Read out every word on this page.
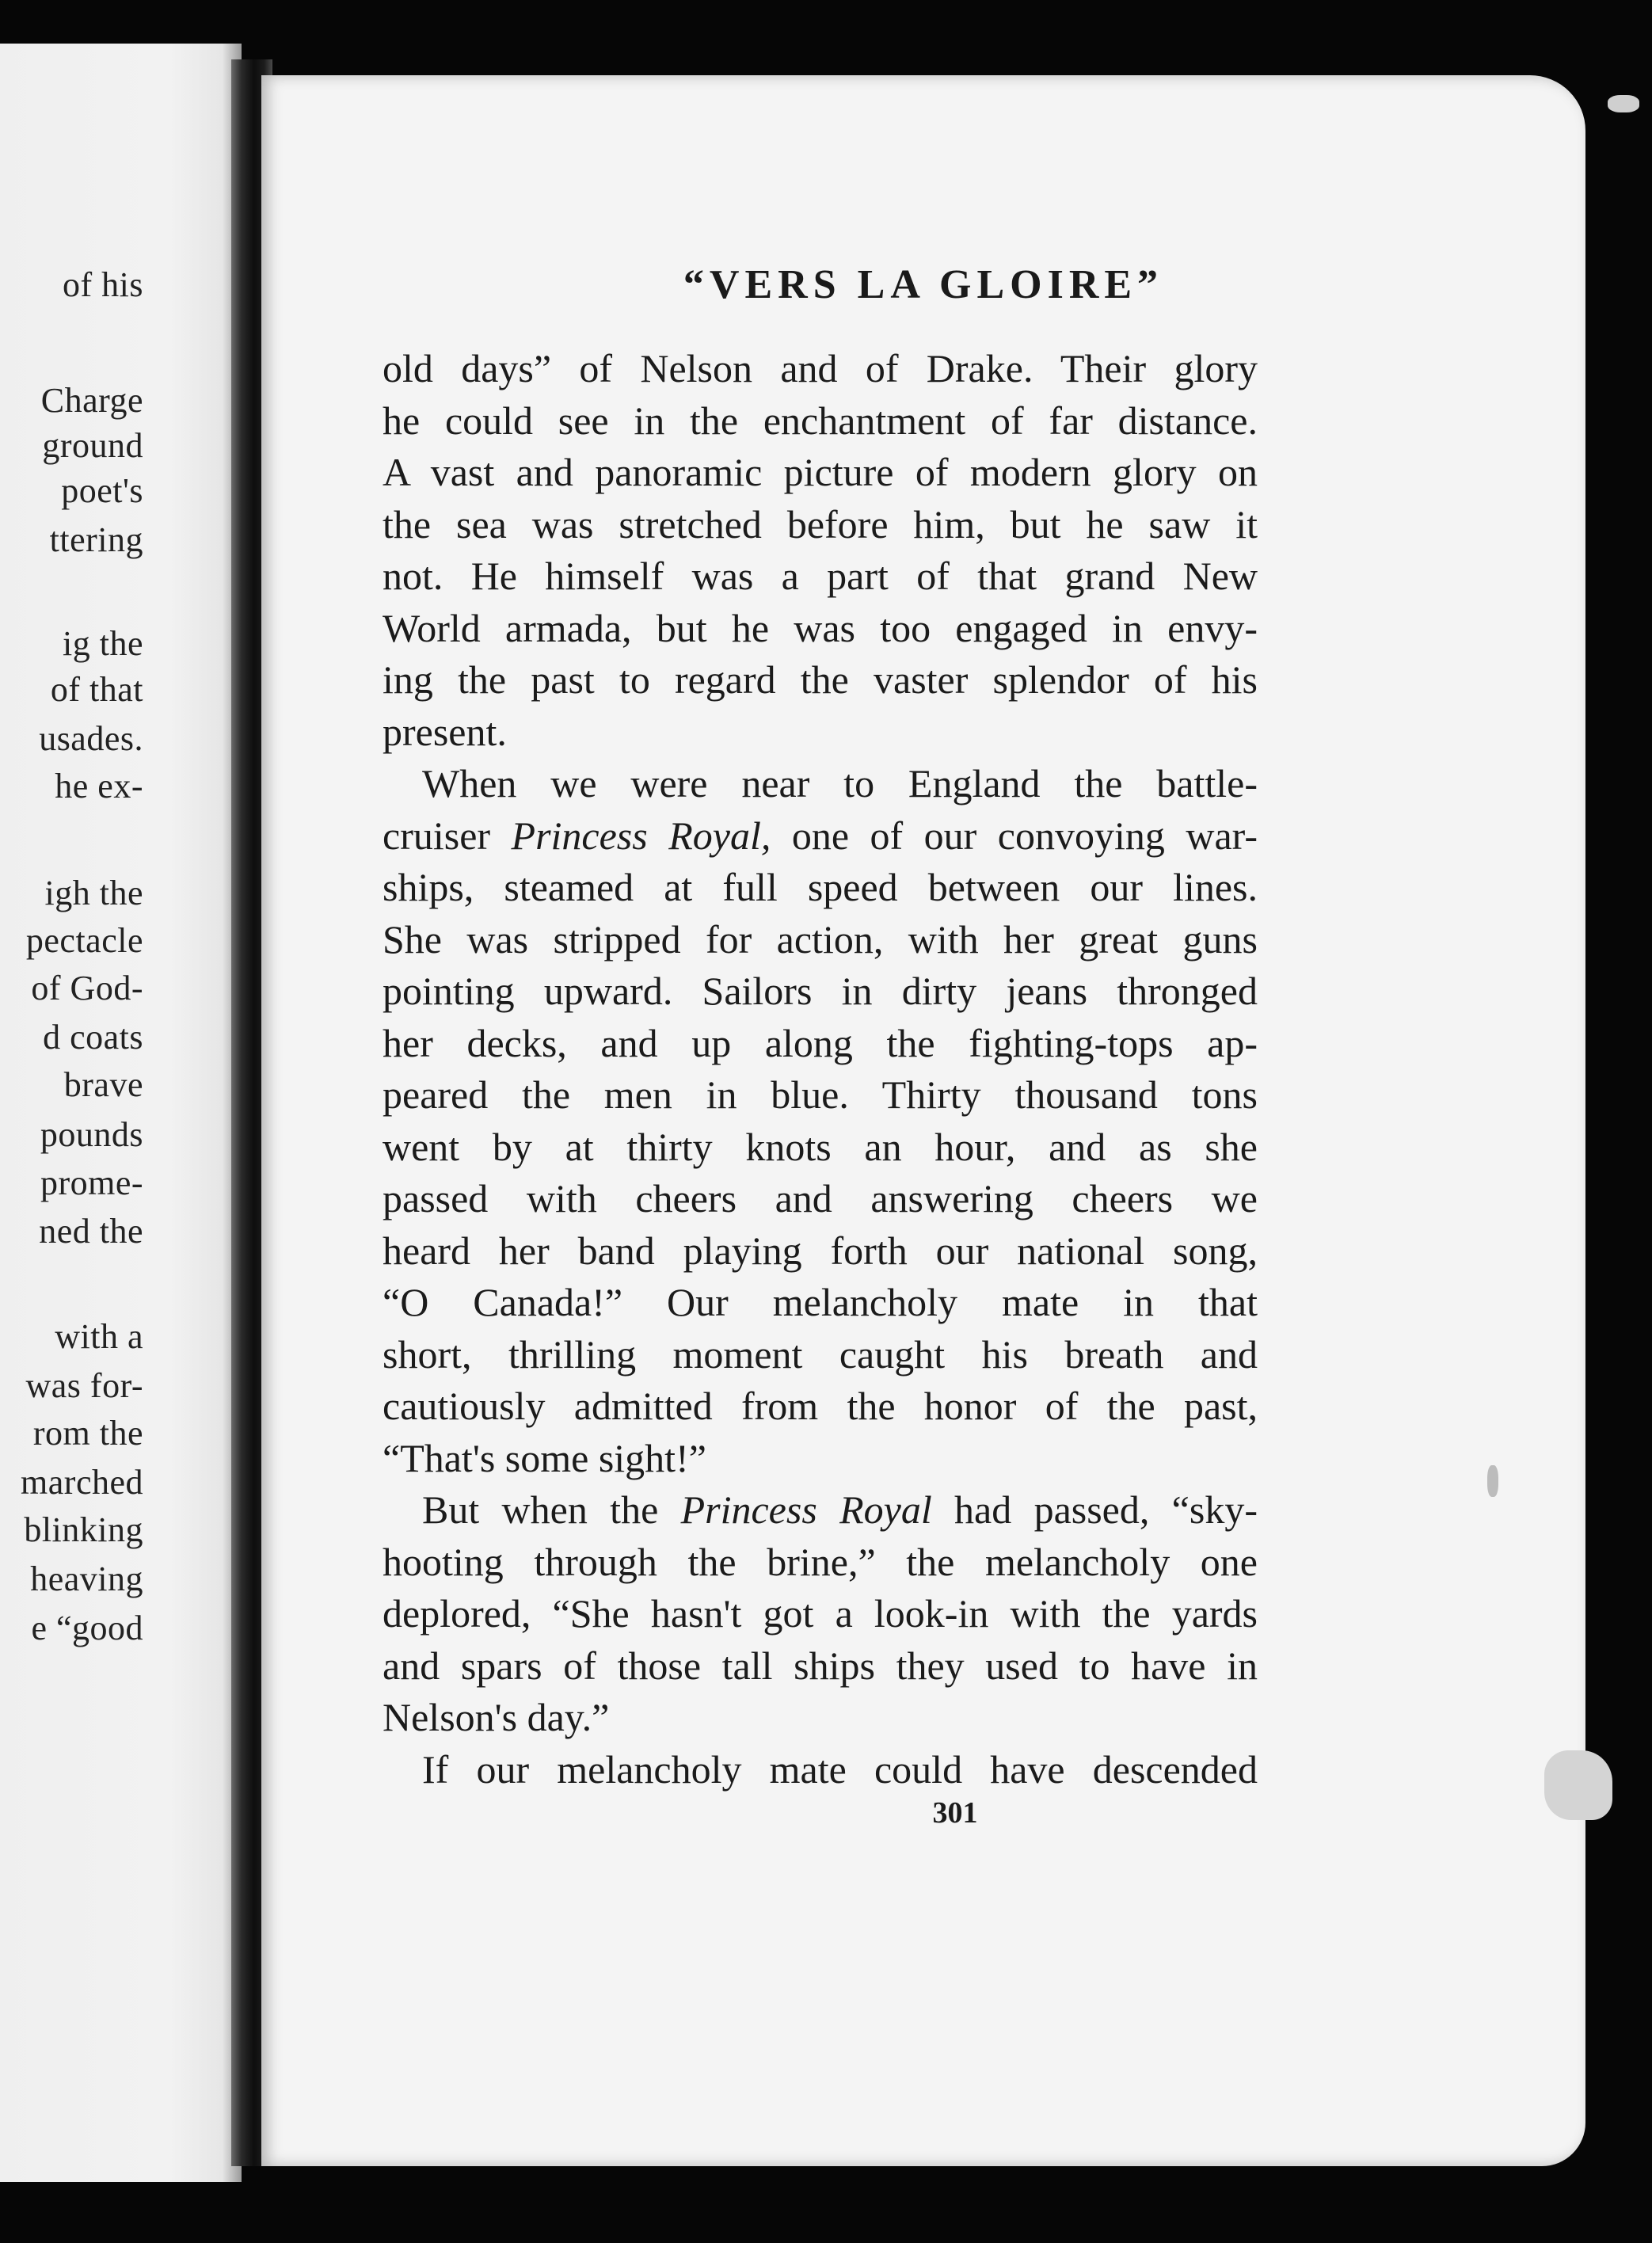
of his
Charge
ground
poet's
ttering
ig the
of that
usades.
he ex-
igh the
pectacle
of God-
d coats
brave
pounds
prome-
ned the
with a
was for-
rom the
marched
blinking
heaving
e “good
“VERS LA GLOIRE”
old days” of Nelson and of Drake. Their glory
he could see in the enchantment of far distance.
A vast and panoramic picture of modern glory on
the sea was stretched before him, but he saw it
not. He himself was a part of that grand New
World armada, but he was too engaged in envy-
ing the past to regard the vaster splendor of his
present.
When we were near to England the battle-
cruiser Princess Royal, one of our convoying war-
ships, steamed at full speed between our lines.
She was stripped for action, with her great guns
pointing upward. Sailors in dirty jeans thronged
her decks, and up along the fighting-tops ap-
peared the men in blue. Thirty thousand tons
went by at thirty knots an hour, and as she
passed with cheers and answering cheers we
heard her band playing forth our national song,
“O Canada!” Our melancholy mate in that
short, thrilling moment caught his breath and
cautiously admitted from the honor of the past,
“That's some sight!”
But when the Princess Royal had passed, “sky-
hooting through the brine,” the melancholy one
deplored, “She hasn't got a look-in with the yards
and spars of those tall ships they used to have in
Nelson's day.”
If our melancholy mate could have descended
301
